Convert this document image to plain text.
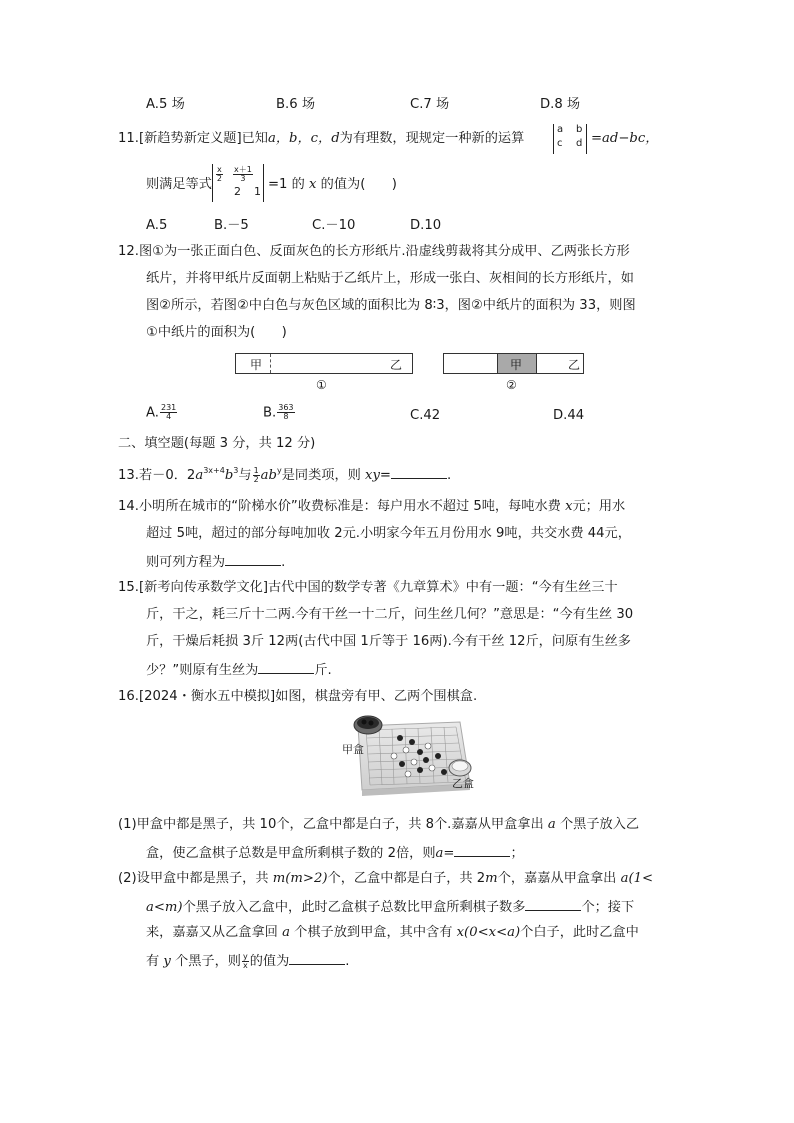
A.5 场	B.6 场	C.7 场	D.8 场
11.[新趋势新定义题]已知a，b，c，d为有理数，现规定一种新的运算
a b
c d =ad−bc，
则满足等式
$\frac{x}{2} \frac{x+1}{3}$
2 1 =1 的 x 的值为(　　)
A.5	B.－5	C.－10	D.10
12.图①为一张正面白色、反面灰色的长方形纸片.沿虚线剪裁将其分成甲、乙两张长方形
纸片，并将甲纸片反面朝上粘贴于乙纸片上，形成一张白、灰相间的长方形纸片，如
图②所示，若图②中白色与灰色区域的面积比为 8∶3，图②中纸片的面积为 33，则图
①中纸片的面积为(　　)
甲	乙
①
甲	乙
②
A. $\frac{231}{4}$	B. $\frac{363}{8}$	C.42	D.44
二、填空题(每题 3 分，共 12 分)
13.若－0．$2a^{3x+4}b^3$与 $\frac{1}{2} ab^y$是同类项，则 xy=	.
14.小明所在城市的“阶梯水价”收费标准是：每户用水不超过 5吨，每吨水费 x元；用水
超过 5吨，超过的部分每吨加收 2元.小明家今年五月份用水 9吨，共交水费 44元，
则可列方程为	.
15.[新考向传承数学文化]古代中国的数学专著《九章算术》中有一题：“今有生丝三十
斤，干之，耗三斤十二两.今有干丝一十二斤，问生丝几何？”意思是：“今有生丝 30
斤，干燥后耗损 3斤 12两(古代中国 1斤等于 16两).今有干丝 12斤，问原有生丝多
少？”则原有生丝为	斤.
16.[2024・衡水五中模拟]如图，棋盘旁有甲、乙两个围棋盒.
甲盒
乙盒
(1)甲盒中都是黑子，共 10个，乙盒中都是白子，共 8个.嘉嘉从甲盒拿出 a 个黑子放入乙
盒，使乙盒棋子总数是甲盒所剩棋子数的 2倍，则a=	；
(2)设甲盒中都是黑子，共 m(m>2)个，乙盒中都是白子，共 2m个，嘉嘉从甲盒拿出 a(1<
a<m)个黑子放入乙盒中，此时乙盒棋子总数比甲盒所剩棋子数多	个；接下
来，嘉嘉又从乙盒拿回 a 个棋子放到甲盒，其中含有 x(0<x<a)个白子，此时乙盒中
有 y 个黑子，则 $\frac{y}{x}$ 的值为	.
